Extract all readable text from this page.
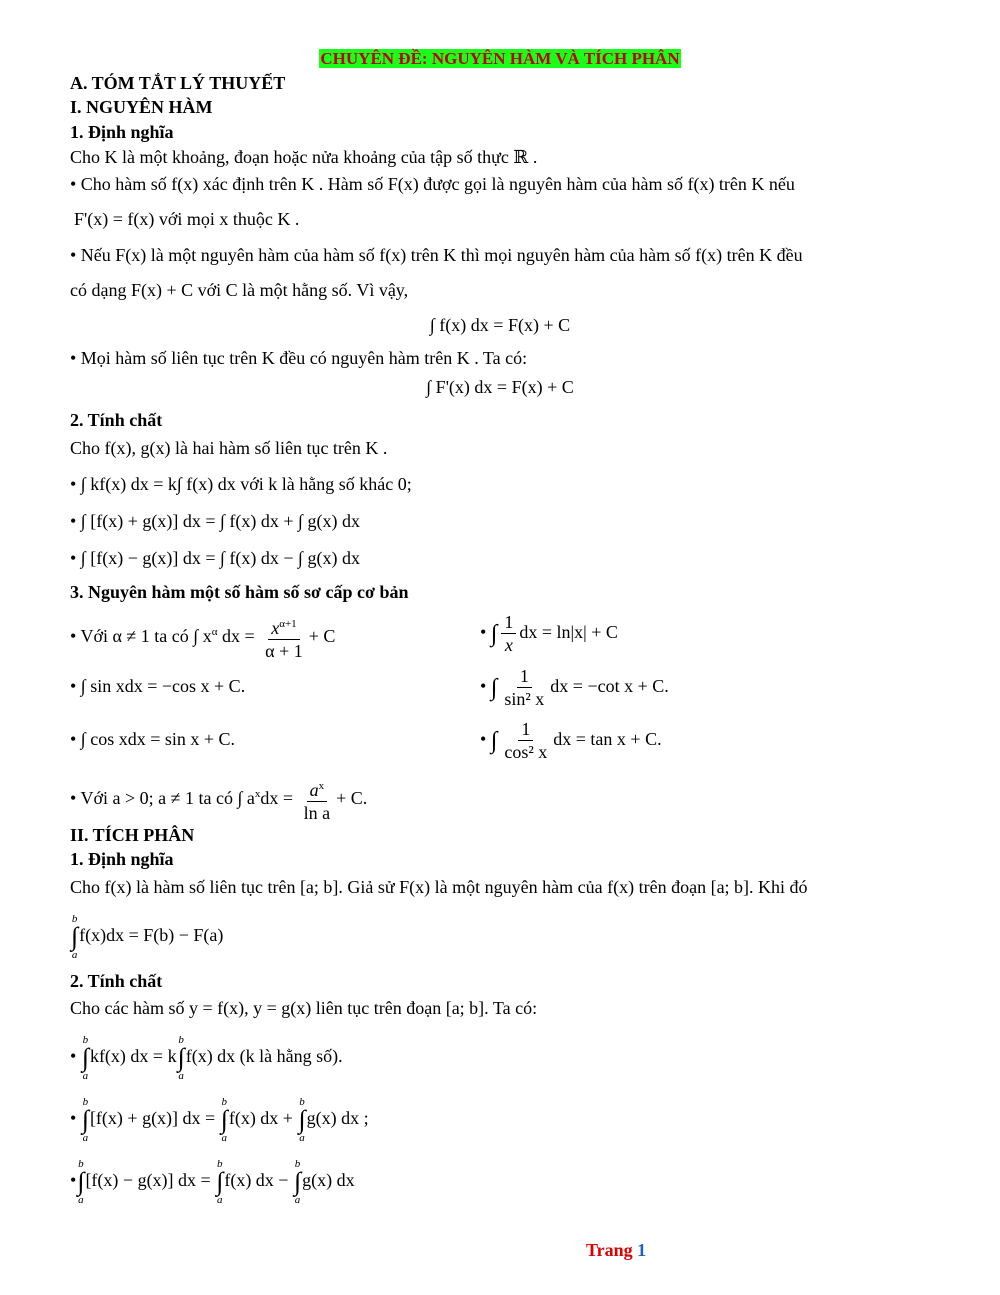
CHUYÊN ĐỀ: NGUYÊN HÀM VÀ TÍCH PHÂN
A. TÓM TẮT LÝ THUYẾT
I. NGUYÊN HÀM
1. Định nghĩa
Cho K là một khoảng, đoạn hoặc nửa khoảng của tập số thực ℝ .
• Cho hàm số f(x) xác định trên K . Hàm số F(x) được gọi là nguyên hàm của hàm số f(x) trên K nếu
F'(x) = f(x) với mọi x thuộc K .
• Nếu F(x) là một nguyên hàm của hàm số f(x) trên K thì mọi nguyên hàm của hàm số f(x) trên K đều
có dạng F(x) + C với C là một hằng số. Vì vậy,
∫ f(x) dx = F(x) + C
• Mọi hàm số liên tục trên K đều có nguyên hàm trên K . Ta có:
∫ F'(x) dx = F(x) + C
2. Tính chất
Cho f(x), g(x) là hai hàm số liên tục trên K .
• ∫ kf(x) dx = k∫ f(x) dx với k là hằng số khác 0;
• ∫ [f(x) + g(x)] dx = ∫ f(x) dx + ∫ g(x) dx
• ∫ [f(x) − g(x)] dx = ∫ f(x) dx − ∫ g(x) dx
3. Nguyên hàm một số hàm số sơ cấp cơ bản
• Với α ≠ 1 ta có ∫ $x^\alpha$ dx = $\frac{x^{\alpha+1}}{\alpha + 1} + C$	• ∫ $\frac{1}{x}$ dx = ln|x| + C
• ∫ sin xdx = −cos x + C.	• ∫ $\frac{1}{\text{sin² x}}$ dx = −cot x + C.
• ∫ cos xdx = sin x + C.	• ∫ $\frac{1}{\text{cos² x}}$ dx = tan x + C.
• Với a > 0; a ≠ 1 ta có ∫ $a^xdx = \frac{a^x}{\text{ln a}} + C$.
II. TÍCH PHÂN
1. Định nghĩa
Cho f(x) là hàm số liên tục trên [a; b]. Giả sử F(x) là một nguyên hàm của f(x) trên đoạn [a; b]. Khi đó
b
∫
a
f(x)dx = F(b) − F(a)
2. Tính chất
Cho các hàm số y = f(x), y = g(x) liên tục trên đoạn [a; b]. Ta có:
•
b
∫
a
kf(x) dx = k
b
∫
a
f(x) dx (k là hằng số).
•
b
∫
a
[f(x) + g(x)] dx =
b
∫
a
f(x) dx +
b
∫
a
g(x) dx ;
•
b
∫
a
[f(x) − g(x)] dx =
b
∫
a
f(x) dx −
b
∫
a
g(x) dx
Trang 1
